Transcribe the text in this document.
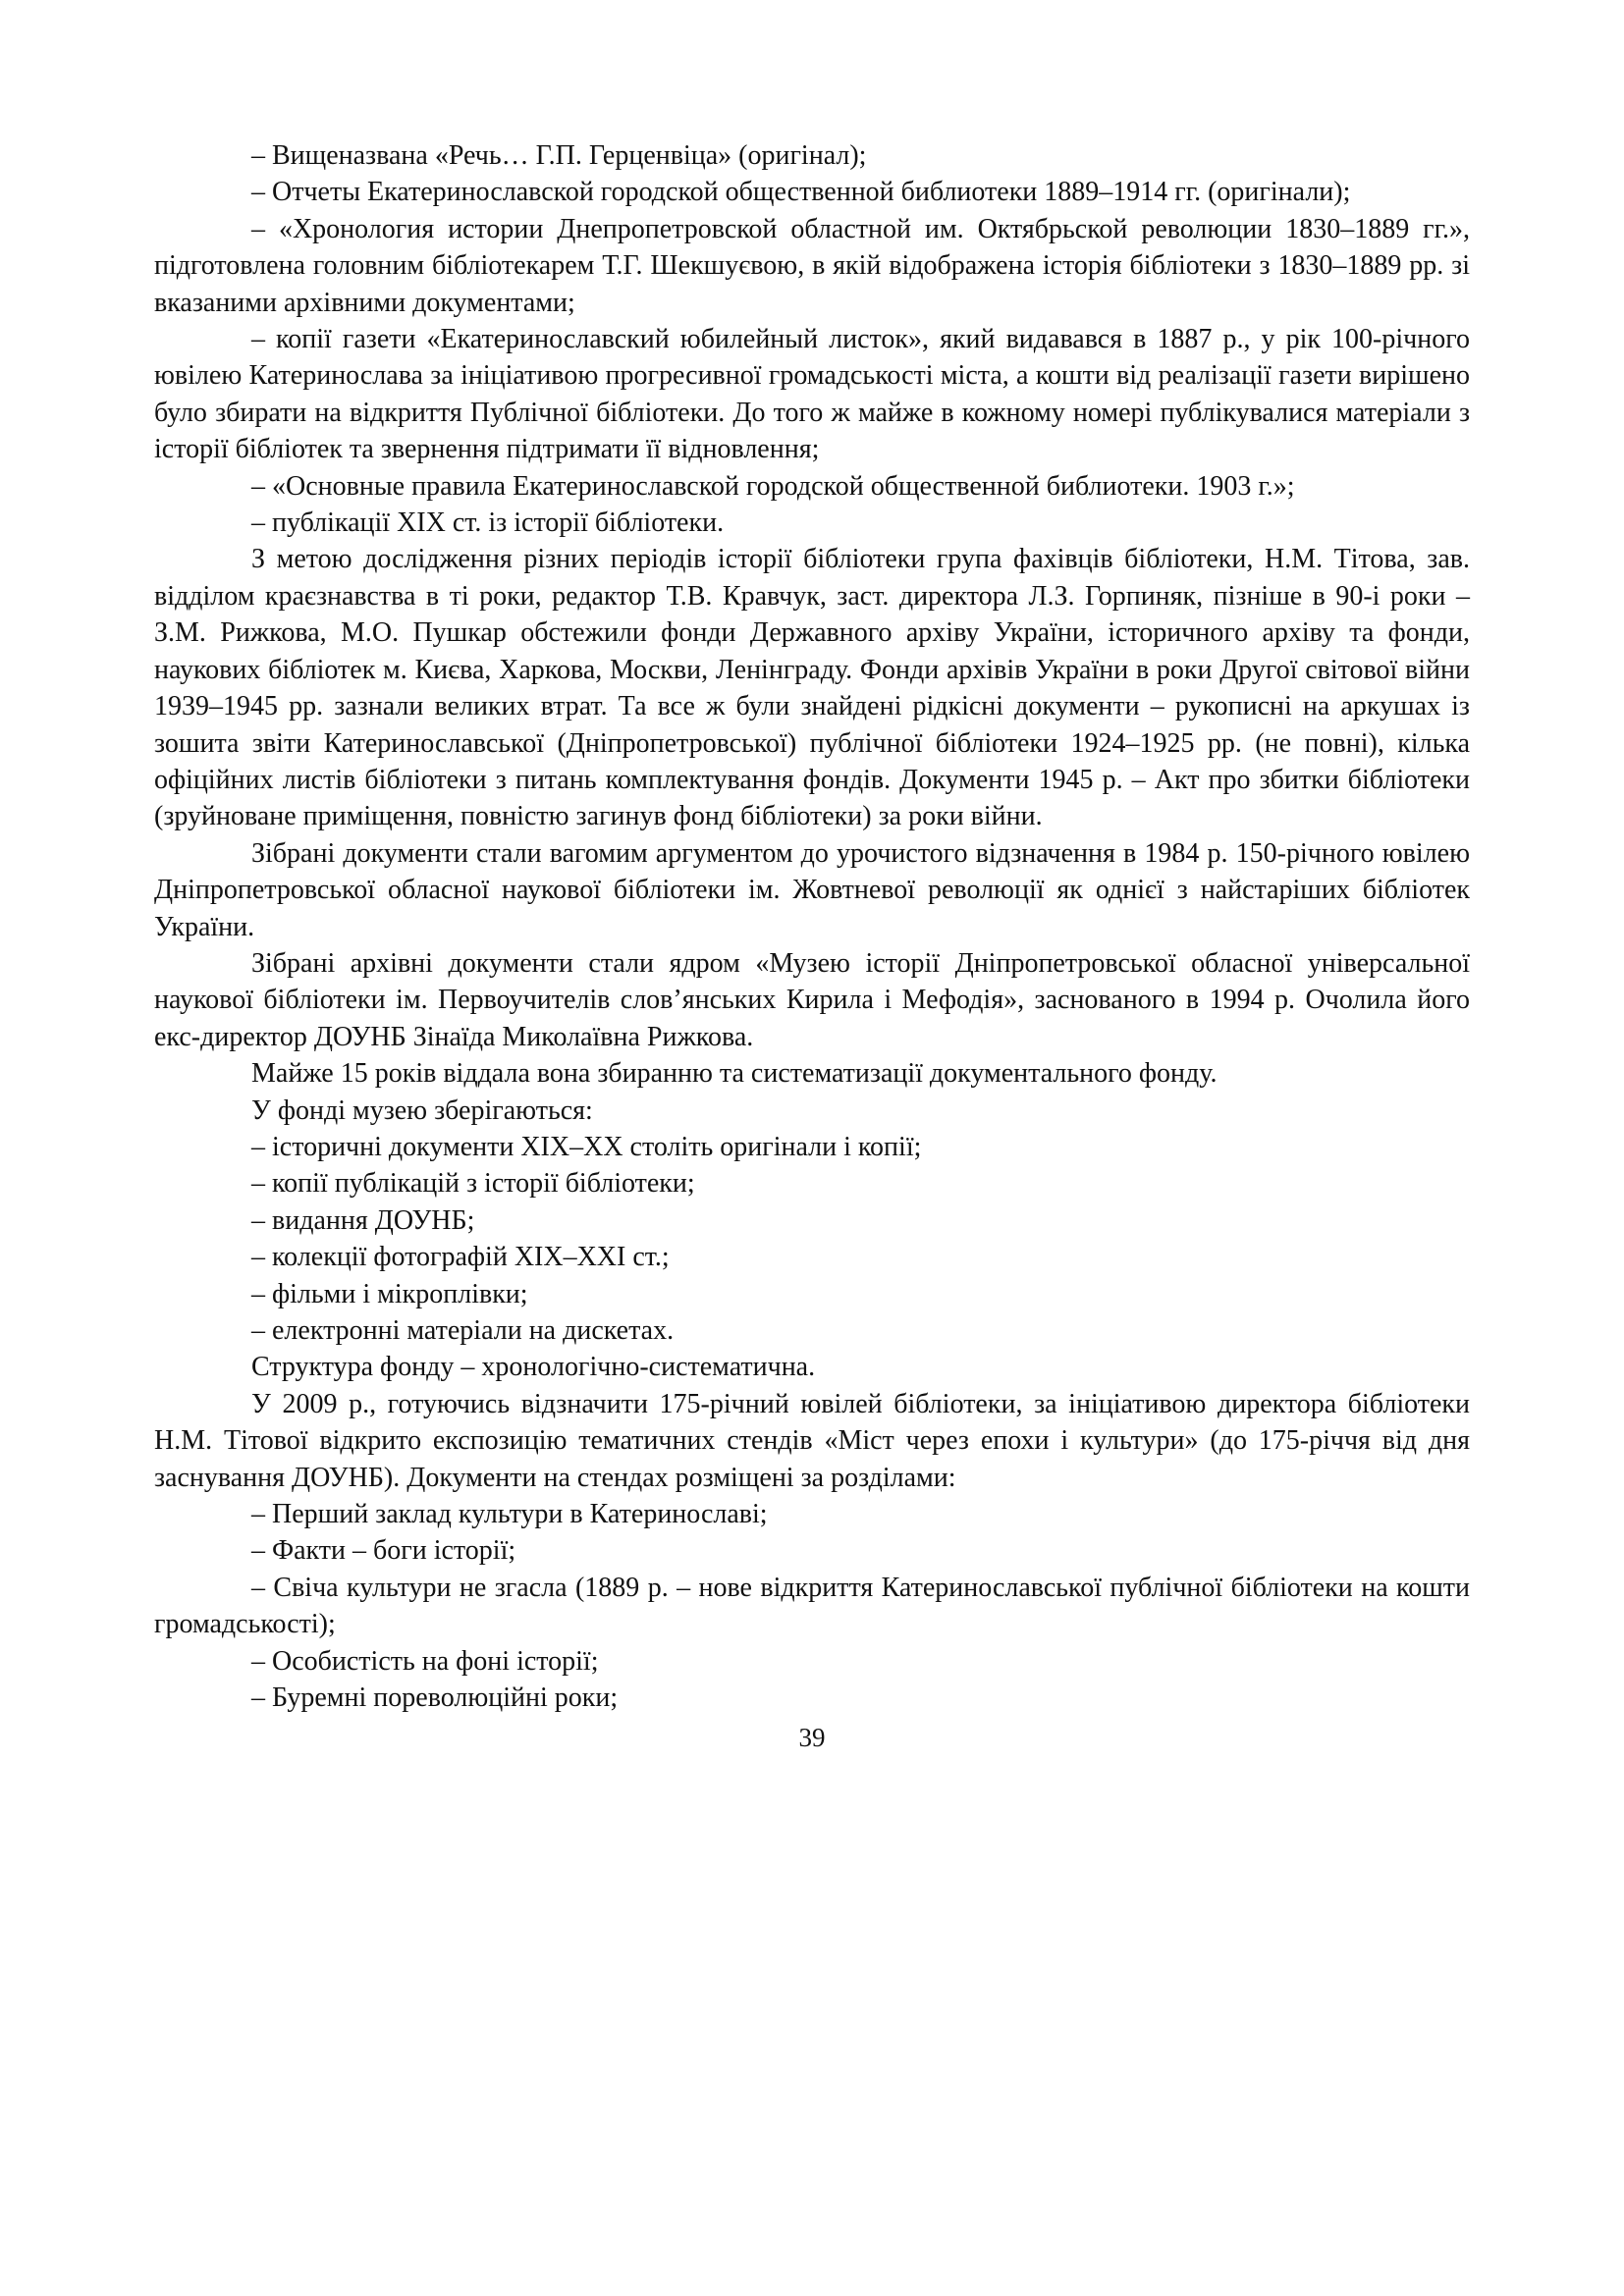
– Вищеназвана «Речь… Г.П. Герценвіца» (оригінал);

– Отчеты Екатеринославской городской общественной библиотеки 1889–1914 гг. (оригінали);

– «Хронология истории Днепропетровской областной им. Октябрьской революции 1830–1889 гг.», підготовлена головним бібліотекарем Т.Г. Шекшуєвою, в якій відображена історія бібліотеки з 1830–1889 рр. зі вказаними архівними документами;

– копії газети «Екатеринославский юбилейный листок», який видавався в 1887 р., у рік 100-річного ювілею Катеринослава за ініціативою прогресивної громадськості міста, а кошти від реалізації газети вирішено було збирати на відкриття Публічної бібліотеки. До того ж майже в кожному номері публікувалися матеріали з історії бібліотек та звернення підтримати її відновлення;

– «Основные правила Екатеринославской городской общественной библиотеки. 1903 г.»;

– публікації XIX ст. із історії бібліотеки.

З метою дослідження різних періодів історії бібліотеки група фахівців бібліотеки, Н.М. Тітова, зав. відділом краєзнавства в ті роки, редактор Т.В. Кравчук, заст. директора Л.З. Горпиняк, пізніше в 90-і роки – З.М. Рижкова, М.О. Пушкар обстежили фонди Державного архіву України, історичного архіву та фонди, наукових бібліотек м. Києва, Харкова, Москви, Ленінграду. Фонди архівів України в роки Другої світової війни 1939–1945 рр. зазнали великих втрат. Та все ж були знайдені рідкісні документи – рукописні на аркушах із зошита звіти Катеринославської (Дніпропетровської) публічної бібліотеки 1924–1925 рр. (не повні), кілька офіційних листів бібліотеки з питань комплектування фондів. Документи 1945 р. – Акт про збитки бібліотеки (зруйноване приміщення, повністю загинув фонд бібліотеки) за роки війни.

Зібрані документи стали вагомим аргументом до урочистого відзначення в 1984 р. 150-річного ювілею Дніпропетровської обласної наукової бібліотеки ім. Жовтневої революції як однієї з найстаріших бібліотек України.

Зібрані архівні документи стали ядром «Музею історії Дніпропетровської обласної універсальної наукової бібліотеки ім. Первоучителів слов’янських Кирила і Мефодія», заснованого в 1994 р. Очолила його екс-директор ДОУНБ Зінаїда Миколаївна Рижкова.

Майже 15 років віддала вона збиранню та систематизації документального фонду.

У фонді музею зберігаються:

– історичні документи XIX–XX століть оригінали і копії;

– копії публікацій з історії бібліотеки;

– видання ДОУНБ;

– колекції фотографій XIX–XXI ст.;

– фільми і мікроплівки;

– електронні матеріали на дискетах.

Структура фонду – хронологічно-систематична.

У 2009 р., готуючись відзначити 175-річний ювілей бібліотеки, за ініціативою директора бібліотеки Н.М. Тітової відкрито експозицію тематичних стендів «Міст через епохи і культури» (до 175-річчя від дня заснування ДОУНБ). Документи на стендах розміщені за розділами:

– Перший заклад культури в Катеринославі;

– Факти – боги історії;

– Свіча культури не згасла (1889 р. – нове відкриття Катеринославської публічної бібліотеки на кошти громадськості);

– Особистість на фоні історії;

– Буремні пореволюційні роки;

39
